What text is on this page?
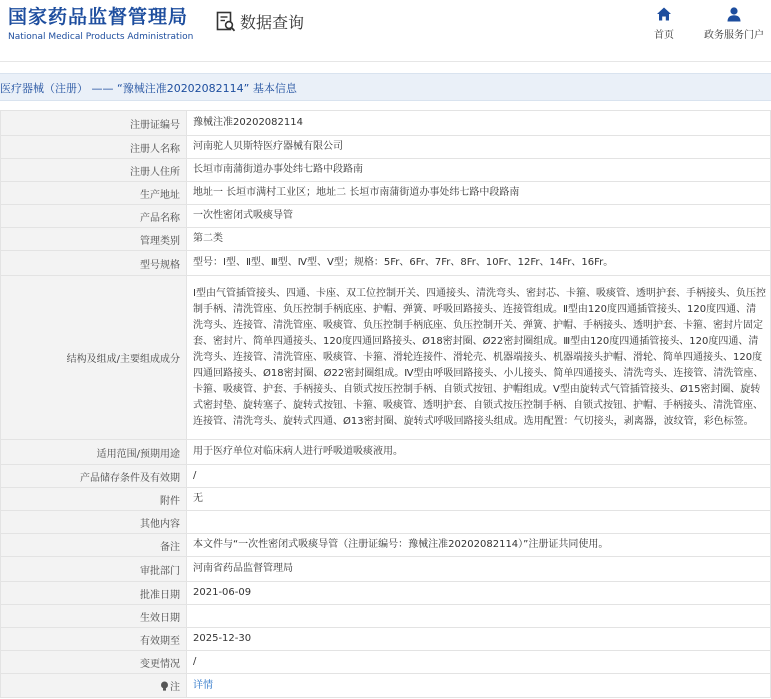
国家药品监督管理局
National Medical Products Administration
数据查询
首页	政务服务门户
医疗器械（注册） —— “豫械注准20202082114” 基本信息
注册证编号	豫械注准20202082114
注册人名称	河南驼人贝斯特医疗器械有限公司
注册人住所	长垣市南蒲街道办事处纬七路中段路南
生产地址	地址一 长垣市满村工业区；地址二 长垣市南蒲街道办事处纬七路中段路南
产品名称	一次性密闭式吸痰导管
管理类别	第二类
型号规格	型号：Ⅰ型、Ⅱ型、Ⅲ型、Ⅳ型、Ⅴ型；规格：5Fr、6Fr、7Fr、8Fr、10Fr、12Fr、14Fr、16Fr。
结构及组成/主要组成成分	Ⅰ型由气管插管接头、四通、卡座、双工位控制开关、四通接头、清洗弯头、密封芯、卡箍、吸痰管、透明护套、手柄接头、负压控制手柄、清洗管座、负压控制手柄底座、护帽、弹簧、呼吸回路接头、连接管组成。Ⅱ型由120度四通插管接头、120度四通、清洗弯头、连接管、清洗管座、吸痰管、负压控制手柄底座、负压控制开关、弹簧、护帽、手柄接头、透明护套、卡箍、密封片固定套、密封片、简单四通接头、120度四通回路接头、Ø18密封圈、Ø22密封圈组成。Ⅲ型由120度四通插管接头、120度四通、清洗弯头、连接管、清洗管座、吸痰管、卡箍、滑轮连接件、滑轮壳、机器端接头、机器端接头护帽、滑轮、简单四通接头、120度四通回路接头、Ø18密封圈、Ø22密封圈组成。Ⅳ型由呼吸回路接头、小儿接头、简单四通接头、清洗弯头、连接管、清洗管座、卡箍、吸痰管、护套、手柄接头、自锁式按压控制手柄、自锁式按钮、护帽组成。Ⅴ型由旋转式气管插管接头、Ø15密封圈、旋转式密封垫、旋转塞子、旋转式按钮、卡箍、吸痰管、透明护套、自锁式按压控制手柄、自锁式按钮、护帽、手柄接头、清洗管座、连接管、清洗弯头、旋转式四通、Ø13密封圈、旋转式呼吸回路接头组成。选用配置：气切接头，剥离器，波纹管，彩色标签。
适用范围/预期用途	用于医疗单位对临床病人进行呼吸道吸痰液用。
产品储存条件及有效期	/
附件	无
其他内容	
备注	本文件与“一次性密闭式吸痰导管（注册证编号：豫械注准20202082114）”注册证共同使用。
审批部门	河南省药品监督管理局
批准日期	2021-06-09
生效日期	
有效期至	2025-12-30
变更情况	/
注	详情
